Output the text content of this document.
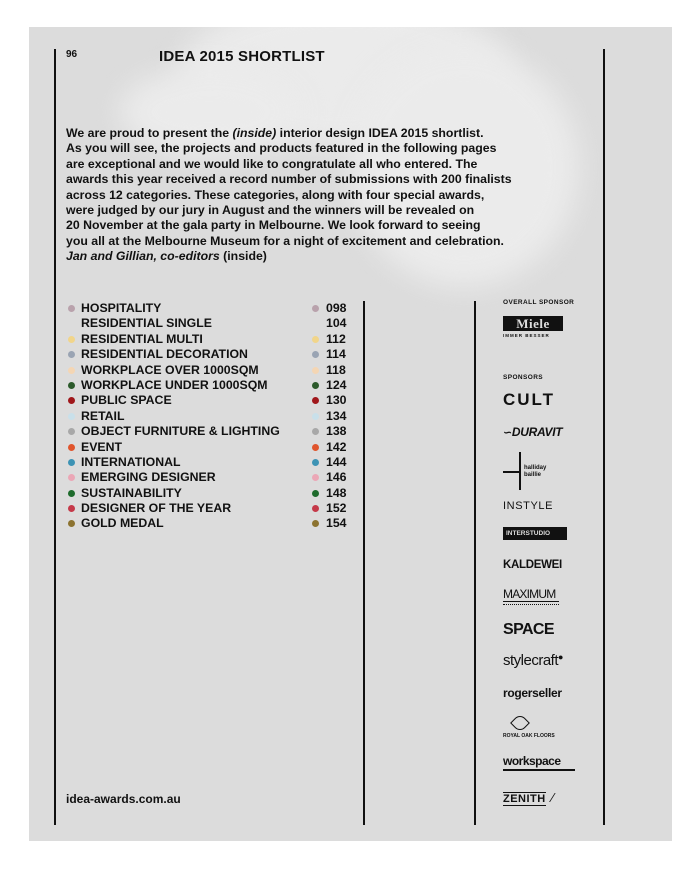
96	IDEA 2015 SHORTLIST

We are proud to present the (inside) interior design IDEA 2015 shortlist.

As you will see, the projects and products featured in the following pages

are exceptional and we would like to congratulate all who entered. The

awards this year received a record number of submissions with 200 finalists

across 12 categories. These categories, along with four special awards,

were judged by our jury in August and the winners will be revealed on

20 November at the gala party in Melbourne. We look forward to seeing

you all at the Melbourne Museum for a night of excitement and celebration.

Jan and Gillian, co-editors (inside)

HOSPITALITY	098
RESIDENTIAL SINGLE	104
RESIDENTIAL MULTI	112
RESIDENTIAL DECORATION	114
WORKPLACE OVER 1000SQM	118
WORKPLACE UNDER 1000SQM	124
PUBLIC SPACE	130
RETAIL	134
OBJECT FURNITURE & LIGHTING	138
EVENT	142
INTERNATIONAL	144
EMERGING DESIGNER	146
SUSTAINABILITY	148
DESIGNER OF THE YEAR	152
GOLD MEDAL	154
OVERALL SPONSOR
Miele
IMMER BESSER
SPONSORS
CULT
∽DURAVIT
halliday baillie
INSTYLE
INTERSTUDIO
KALDEWEI
MAXIMUM
SPACE
stylecraft●
rogerseller
ROYAL OAK FLOORS
workspace
ZENITH ∕
idea-awards.com.au
